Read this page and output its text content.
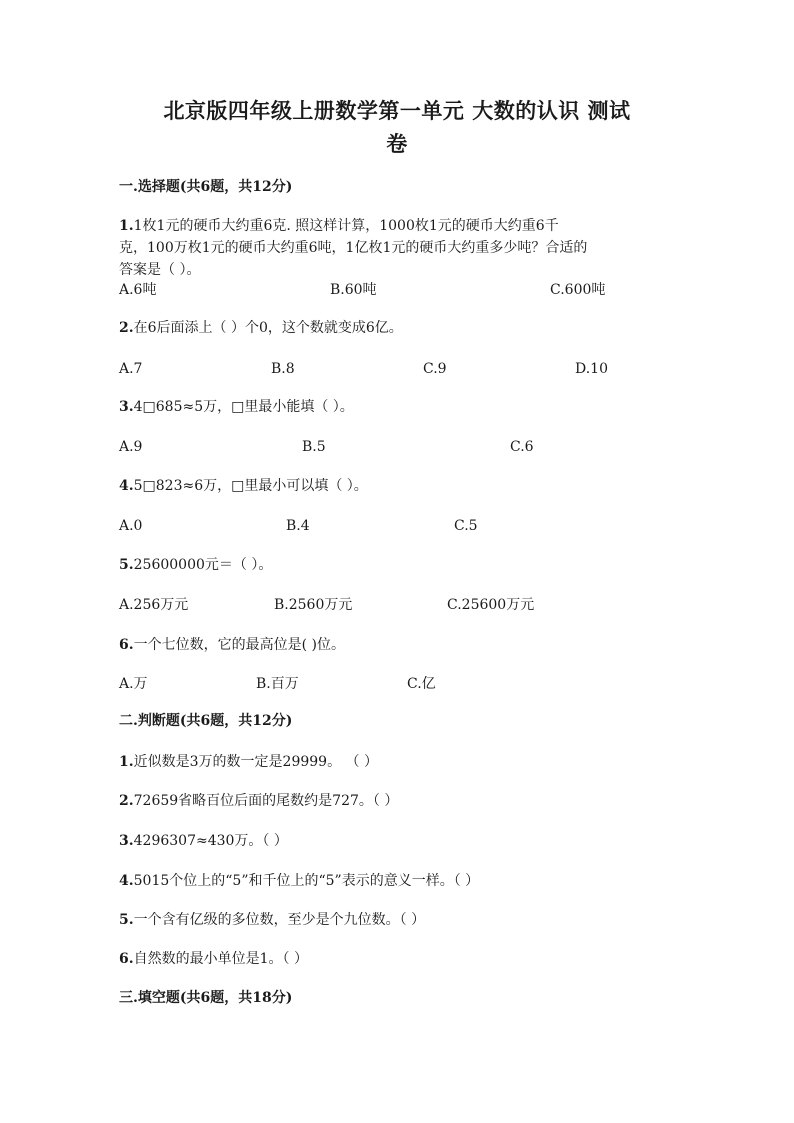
北京版四年级上册数学第一单元 大数的认识 测试
卷
一.选择题(共6题，共12分)
1.1枚1元的硬币大约重6克. 照这样计算，1000枚1元的硬币大约重6千
克，100万枚1元的硬币大约重6吨，1亿枚1元的硬币大约重多少吨？合适的
答案是（ ）。
A.6吨	B.60吨	C.600吨
2.在6后面添上（ ）个0，这个数就变成6亿。
A.7	B.8	C.9	D.10
3.4□685≈5万，□里最小能填（ ）。
A.9	B.5	C.6
4.5□823≈6万，□里最小可以填（ ）。
A.0	B.4	C.5
5.25600000元＝（ ）。
A.256万元	B.2560万元	C.25600万元
6.一个七位数，它的最高位是( )位。
A.万	B.百万	C.亿
二.判断题(共6题，共12分)
1.近似数是3万的数一定是29999。 （ ）
2.72659省略百位后面的尾数约是727。（ ）
3.4296307≈430万。（ ）
4.5015个位上的“5”和千位上的“5”表示的意义一样。（ ）
5.一个含有亿级的多位数，至少是个九位数。（ ）
6.自然数的最小单位是1。（ ）
三.填空题(共6题，共18分)
